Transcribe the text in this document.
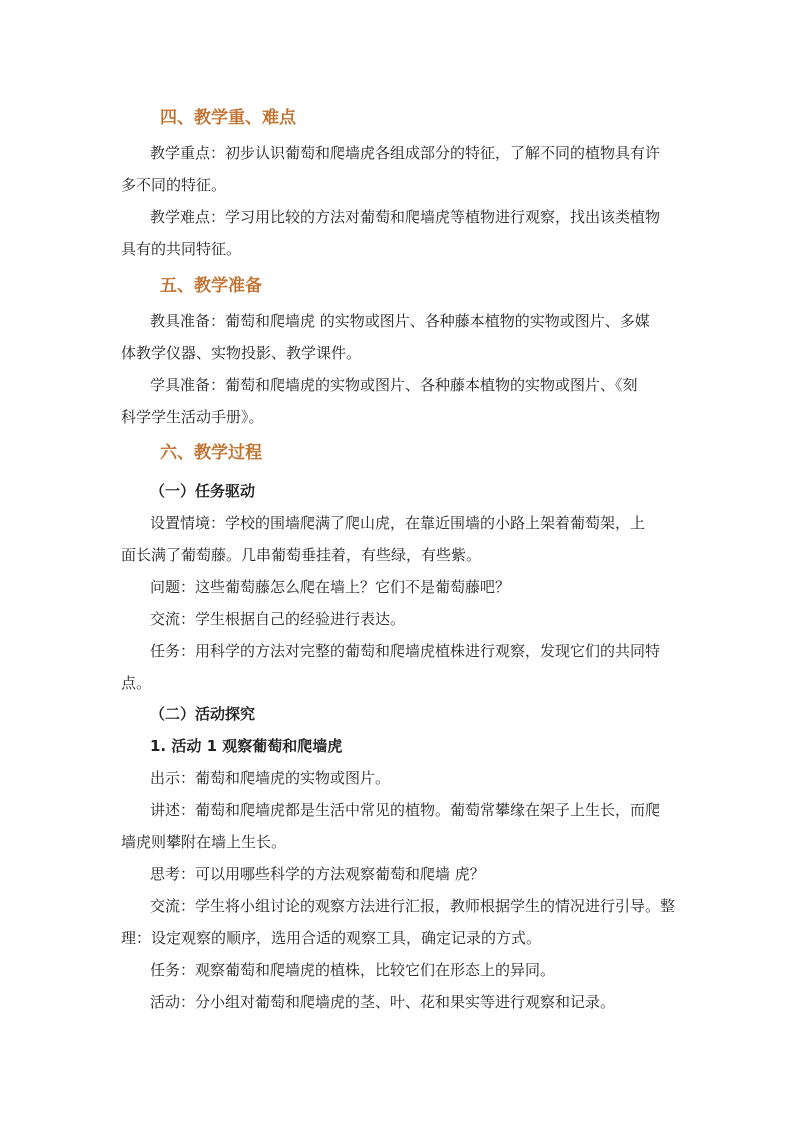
四、教学重、难点
教学重点：初步认识葡萄和爬墙虎各组成部分的特征，了解不同的植物具有许
多不同的特征。
教学难点：学习用比较的方法对葡萄和爬墙虎等植物进行观察，找出该类植物
具有的共同特征。
五、教学准备
教具准备：葡萄和爬墙虎 的实物或图片、各种藤本植物的实物或图片、多媒
体教学仪器、实物投影、教学课件。
学具准备：葡萄和爬墙虎的实物或图片、各种藤本植物的实物或图片、《刻
科学学生活动手册》。
六、教学过程
（一）任务驱动
设置情境：学校的围墙爬满了爬山虎，在靠近围墙的小路上架着葡萄架，上
面长满了葡萄藤。几串葡萄垂挂着，有些绿，有些紫。
问题：这些葡萄藤怎么爬在墙上？它们不是葡萄藤吧？
交流：学生根据自己的经验进行表达。
任务：用科学的方法对完整的葡萄和爬墙虎植株进行观察，发现它们的共同特
点。
（二）活动探究
1. 活动 1 观察葡萄和爬墙虎
出示：葡萄和爬墙虎的实物或图片。
讲述：葡萄和爬墙虎都是生活中常见的植物。葡萄常攀缘在架子上生长，而爬
墙虎则攀附在墙上生长。
思考：可以用哪些科学的方法观察葡萄和爬墙 虎？
交流：学生将小组讨论的观察方法进行汇报，教师根据学生的情况进行引导。整
理：设定观察的顺序，选用合适的观察工具，确定记录的方式。
任务：观察葡萄和爬墙虎的植株，比较它们在形态上的异同。
活动：分小组对葡萄和爬墙虎的茎、叶、花和果实等进行观察和记录。
